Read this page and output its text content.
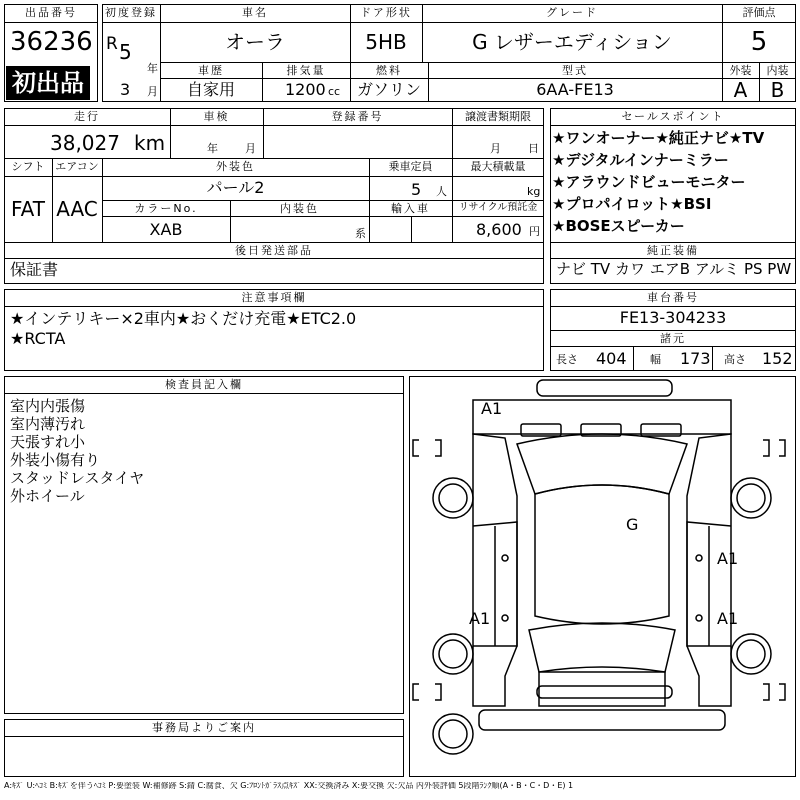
出品番号
36236
初出品
初度登録
R 5
年
3 月
車名
オーラ
ドア形状
5HB
グレード
G レザーエディション
評価点
5
車歴
自家用
排気量
1200 cc
燃料
ガソリン
型式
6AA-FE13
外装	内装
A	B
走行
38,027 km
車検
年 月
登録番号	譲渡書類期限
月 日
シフト
FAT
エアコン
AAC
外装色
パール2
乗車定員
5 人
最大積載量
kg
カラーNo.
XAB
内装色
系
輸入車	リサイクル預託金
8,600 円
後日発送部品
保証書
セールスポイント
★ワンオーナー★純正ナビ★TV
★デジタルインナーミラー
★アラウンドビューモニター
★プロパイロット★BSI
★BOSEスピーカー
純正装備
ナビ TV カワ エアB アルミ PS PW
注意事項欄
★インテリキー×2車内★おくだけ充電★ETC2.0
★RCTA
車台番号
FE13-304233
諸元
長さ 404 幅 173 高さ 152
検査員記入欄
室内内張傷
室内薄汚れ
天張すれ小
外装小傷有り
スタッドレスタイヤ
外ホイール
事務局よりご案内
A1
G
A1
A1	A1
A:ｷｽﾞ U:ﾍｺﾐ B:ｷｽﾞを伴うﾍｺﾐ P:要塗装 W:補修跡 S:錆 C:腐食、欠 G:ﾌﾛﾝﾄｶﾞﾗｽ点ｷｽﾞ XX:交換済み X:要交換 欠:欠品 内外装評価 5段階ﾗﾝｸ順(A・B・C・D・E) 1
